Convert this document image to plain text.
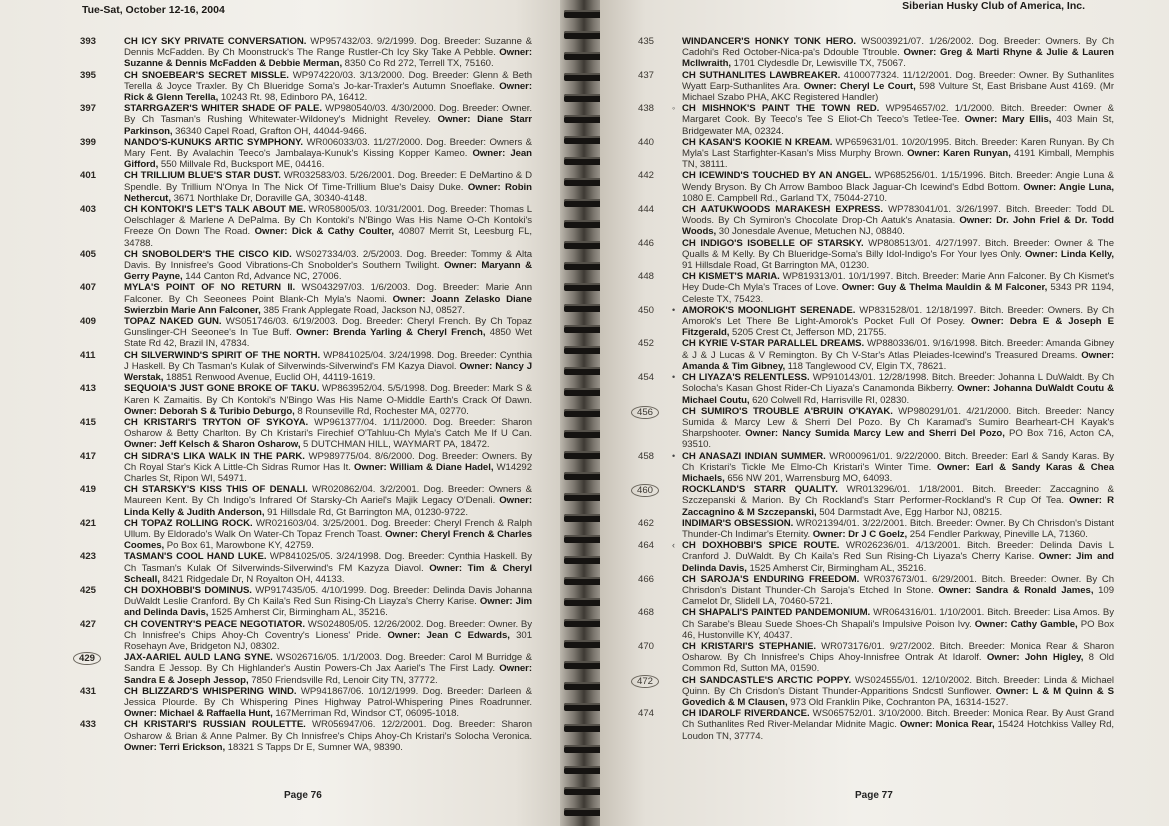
Tue-Sat, October 12-16, 2004
393	CH ICY SKY PRIVATE CONVERSATION. WP957432/03. 9/2/1999. Dog. Breeder: Suzanne & Dennis McFadden. By Ch Moonstruck's The Range Rustler-Ch Icy Sky Take A Pebble. Owner: Suzanne & Dennis McFadden & Debbie Merman, 8350 Co Rd 272, Terrell TX, 75160.
395	CH SNOEBEAR'S SECRET MISSLE. WP974220/03. 3/13/2000. Dog. Breeder: Glenn & Beth Terella & Joyce Traxler. By Ch Blueridge Soma's Jo-kar-Traxler's Autumn Snoeflake. Owner: Rick & Glenn Terella, 10243 Rt. 98, Edinboro PA, 16412.
397	STARRGAZER'S WHITER SHADE OF PALE. WP980540/03. 4/30/2000. Dog. Breeder: Owner. By Ch Tasman's Rushing Whitewater-Wildoney's Midnight Reveley. Owner: Diane Starr Parkinson, 36340 Capel Road, Grafton OH, 44044-9466.
399	NANDO'S-KUNUKS ARTIC SYMPHONY. WR006033/03. 11/27/2000. Dog. Breeder: Owners & Mary Fent. By Avalachin Teeco's Jambalaya-Kunuk's Kissing Kopper Kameo. Owner: Jean Gifford, 550 Millvale Rd, Bucksport ME, 04416.
401	CH TRILLIUM BLUE'S STAR DUST. WR032583/03. 5/26/2001. Dog. Breeder: E DeMartino & D Spendle. By Trillium N'Onya In The Nick Of Time-Trillium Blue's Daisy Duke. Owner: Robin Nethercut, 3671 Northlake Dr, Doraville GA, 30340-4148.
403	CH KONTOKI'S LET'S TALK ABOUT ME. WR058005/03. 10/31/2001. Dog. Breeder: Thomas L Oelschlager & Marlene A DePalma. By Ch Kontoki's N'Bingo Was His Name O-Ch Kontoki's Freeze On Down The Road. Owner: Dick & Cathy Coulter, 40807 Merrit St, Leesburg FL, 34788.
405	CH SNOBOLDER'S THE CISCO KID. WS027334/03. 2/5/2003. Dog. Breeder: Tommy & Alta Davis. By Innisfree's Good Vibrations-Ch Snobolder's Southern Twilight. Owner: Maryann & Gerry Payne, 144 Canton Rd, Advance NC, 27006.
407	MYLA'S POINT OF NO RETURN II. WS043297/03. 1/6/2003. Dog. Breeder: Marie Ann Falconer. By Ch Seeonees Point Blank-Ch Myla's Naomi. Owner: Joann Zelasko Diane Swierzbin Marie Ann Falconer, 385 Frank Applegate Road, Jackson NJ, 08527.
409	TOPAZ NAKED GUN. WS051746/03. 6/19/2003. Dog. Breeder: Cheryl French. By Ch Topaz Gunslinger-CH Seeonee's In Tue Buff. Owner: Brenda Yarling & Cheryl French, 4850 Wet State Rd 42, Brazil IN, 47834.
411	CH SILVERWIND'S SPIRIT OF THE NORTH. WP841025/04. 3/24/1998. Dog. Breeder: Cynthia J Haskell. By Ch Tasman's Kulak of Silverwinds-Silverwind's FM Kazya Diavol. Owner: Nancy J Werstak, 18851 Renwood Avenue, Euclid OH, 44119-1619.
413	SEQUOIA'S JUST GONE BROKE OF TAKU. WP863952/04. 5/5/1998. Dog. Breeder: Mark S & Karen K Zamaitis. By Ch Kontoki's N'Bingo Was His Name O-Middle Earth's Crack Of Dawn. Owner: Deborah S & Turibio Deburgo, 8 Rounseville Rd, Rochester MA, 02770.
415	CH KRISTARI'S TRYTON OF SYKOYA. WP961377/04. 1/11/2000. Dog. Breeder: Sharon Osharow & Betty Charlton. By Ch Kristari's Firechief O'Tahluu-Ch Myla's Catch Me If U Can. Owner: Jeff Kelsch & Sharon Osharow, 5 DUTCHMAN HILL, WAYMART PA, 18472.
417	CH SIDRA'S LIKA WALK IN THE PARK. WP989775/04. 8/6/2000. Dog. Breeder: Owners. By Ch Royal Star's Kick A Little-Ch Sidras Rumor Has It. Owner: William & Diane Hadel, W14292 Charles St, Ripon WI, 54971.
419	CH STARSKY'S KISS THIS OF DENALI. WR020862/04. 3/2/2001. Dog. Breeder: Owners & Maureen Kent. By Ch Indigo's Infrared Of Starsky-Ch Aariel's Majik Legacy O'Denali. Owner: Linda Kelly & Judith Anderson, 91 Hillsdale Rd, Gt Barrington MA, 01230-9722.
421	CH TOPAZ ROLLING ROCK. WR021603/04. 3/25/2001. Dog. Breeder: Cheryl French & Ralph Ullum. By Eldorado's Walk On Water-Ch Topaz French Toast. Owner: Cheryl French & Charles Coomes, Po Box 61, Marowbone KY, 42759.
423	TASMAN'S COOL HAND LUKE. WP841025/05. 3/24/1998. Dog. Breeder: Cynthia Haskell. By Ch Tasman's Kulak Of Silverwinds-Silverwind's FM Kazyza Diavol. Owner: Tim & Cheryl Scheall, 8421 Ridgedale Dr, N Royalton OH, 44133.
425	CH DOXHOBBI'S DOMINUS. WP917435/05. 4/10/1999. Dog. Breeder: Delinda Davis Johanna DuWaldt Leslie Cranford. By Ch Kaila's Red Sun Rising-Ch Liayza's Cherry Karise. Owner: Jim and Delinda Davis, 1525 Amherst Cir, Birmingham AL, 35216.
427	CH COVENTRY'S PEACE NEGOTIATOR. WS024805/05. 12/26/2002. Dog. Breeder: Owner. By Ch Innisfree's Chips Ahoy-Ch Coventry's Lioness' Pride. Owner: Jean C Edwards, 301 Rosehayn Ave, Bridgeton NJ, 08302.
429	JAX-AARIEL AULD LANG SYNE. WS026716/05. 1/1/2003. Dog. Breeder: Carol M Burridge & Sandra E Jessop. By Ch Highlander's Austin Powers-Ch Jax Aariel's The First Lady. Owner: Sandra E & Joseph Jessop, 7850 Friendsville Rd, Lenoir City TN, 37772.
431	CH BLIZZARD'S WHISPERING WIND. WP941867/06. 10/12/1999. Dog. Breeder: Darleen & Jessica Plourde. By Ch Whispering Pines Highway Patrol-Whispering Pines Roadrunner. Owner: Michael & Raffaella Hunt, 167Merriman Rd, Windsor CT, 06095-1018.
433	CH KRISTARI'S RUSSIAN ROULETTE. WR056947/06. 12/2/2001. Dog. Breeder: Sharon Osharow & Brian & Anne Palmer. By Ch Innisfree's Chips Ahoy-Ch Kristari's Solocha Veronica. Owner: Terri Erickson, 18321 S Tapps Dr E, Sumner WA, 98390.
Page 76
Siberian Husky Club of America, Inc.
435	WINDANCER'S HONKY TONK HERO. WS003921/07. 1/26/2002. Dog. Breeder: Owners. By Ch Cadohi's Red October-Nica-pa's Ddouble Ttrouble. Owner: Greg & Marti Rhyne & Julie & Lauren Mcllwraith, 1701 Clydesdle Dr, Lewisville TX, 75067.
437	CH SUTHANLITES LAWBREAKER. 4100077324. 11/12/2001. Dog. Breeder: Owner. By Suthanlites Wyatt Earp-Suthanlites Ara. Owner: Cheryl Le Court, 598 Vulture St, East Brisbane Aust 4169. (Mr Michael Szabo PHA, AKC Registered Handler)
438	◦ CH MISHNOK'S PAINT THE TOWN RED. WP954657/02. 1/1/2000. Bitch. Breeder: Owner & Margaret Cook. By Teeco's Tee S Eliot-Ch Teeco's Tetlee-Tee. Owner: Mary Ellis, 403 Main St, Bridgewater MA, 02324.
440	CH KASAN'S KOOKIE N KREAM. WP659631/01. 10/20/1995. Bitch. Breeder: Karen Runyan. By Ch Myla's Last Starfighter-Kasan's Miss Murphy Brown. Owner: Karen Runyan, 4191 Kimball, Memphis TN, 38111.
442	CH ICEWIND'S TOUCHED BY AN ANGEL. WP685256/01. 1/15/1996. Bitch. Breeder: Angie Luna & Wendy Bryson. By Ch Arrow Bamboo Black Jaguar-Ch Icewind's Edbd Bottom. Owner: Angie Luna, 1080 E. Campbell Rd., Garland TX, 75044-2710.
444	CH AATUKWOODS MARAKESH EXPRESS. WP783041/01. 3/26/1997. Bitch. Breeder: Todd DL Woods. By Ch Symiron's Chocolate Drop-Ch Aatuk's Anatasia. Owner: Dr. John Friel & Dr. Todd Woods, 30 Jonesdale Avenue, Metuchen NJ, 08840.
446	CH INDIGO'S ISOBELLE OF STARSKY. WP808513/01. 4/27/1997. Bitch. Breeder: Owner & The Qualls & M Kelly. By Ch Blueridge-Soma's Billy Idol-Indigo's For Your Iyes Only. Owner: Linda Kelly, 91 Hillsdale Road, Gt Barrington MA, 01230.
448	CH KISMET'S MARIA. WP819313/01. 10/1/1997. Bitch. Breeder: Marie Ann Falconer. By Ch Kismet's Hey Dude-Ch Myla's Traces of Love. Owner: Guy & Thelma Mauldin & M Falconer, 5343 PR 1194, Celeste TX, 75423.
450	• AMOROK'S MOONLIGHT SERENADE. WP831528/01. 12/18/1997. Bitch. Breeder: Owners. By Ch Amorok's Let There Be Light-Amorok's Pocket Full Of Posey. Owner: Debra E & Joseph E Fitzgerald, 5205 Crest Ct, Jefferson MD, 21755.
452	CH KYRIE V-STAR PARALLEL DREAMS. WP880336/01. 9/16/1998. Bitch. Breeder: Amanda Gibney & J & J Lucas & V Remington. By Ch V-Star's Atlas Pleiades-Icewind's Treasured Dreams. Owner: Amanda & Tim Gibney, 118 Tanglewood CV, Elgin TX, 78621.
454	• CH LIYAZA'S RELENTLESS. WP910143/01. 12/28/1998. Bitch. Breeder: Johanna L DuWaldt. By Ch Solocha's Kasan Ghost Rider-Ch Liyaza's Canamonda Bikberry. Owner: Johanna DuWaldt Coutu & Michael Coutu, 620 Colwell Rd, Harrisville RI, 02830.
456	CH SUMIRO'S TROUBLE A'BRUIN O'KAYAK. WP980291/01. 4/21/2000. Bitch. Breeder: Nancy Sumida & Marcy Lew & Sherri Del Pozo. By Ch Karamad's Sumiro Bearheart-CH Kayak's Sharpshooter. Owner: Nancy Sumida Marcy Lew and Sherri Del Pozo, PO Box 716, Acton CA, 93510.
458	• CH ANASAZI INDIAN SUMMER. WR000961/01. 9/22/2000. Bitch. Breeder: Earl & Sandy Karas. By Ch Kristari's Tickle Me Elmo-Ch Kristari's Winter Time. Owner: Earl & Sandy Karas & Chea Michaels, 656 NW 201, Warrensburg MO, 64093.
460	ROCKLAND'S STARR QUALITY. WR013296/01. 1/18/2001. Bitch. Breeder: Zaccagnino & Szczepanski & Marion. By Ch Rockland's Starr Performer-Rockland's R Cup Of Tea. Owner: R Zaccagnino & M Szczepanski, 504 Darmstadt Ave, Egg Harbor NJ, 08215.
462	INDIMAR'S OBSESSION. WR021394/01. 3/22/2001. Bitch. Breeder: Owner. By Ch Chrisdon's Distant Thunder-Ch Indimar's Eternity. Owner: Dr J C Goelz, 254 Fendler Parkway, Pineville LA, 71360.
464	‹ CH DOXHOBBI'S SPICE ROUTE. WR026236/01. 4/13/2001. Bitch. Breeder: Delinda Davis L Cranford J. DuWaldt. By Ch Kaila's Red Sun Rising-Ch Liyaza's Cherry Karise. Owner: Jim and Delinda Davis, 1525 Amherst Cir, Birmingham AL, 35216.
466	CH SAROJA'S ENDURING FREEDOM. WR037673/01. 6/29/2001. Bitch. Breeder: Owner. By Ch Chrisdon's Distant Thunder-Ch Saroja's Etched In Stone. Owner: Sandra & Ronald James, 109 Camelot Dr, Slidell LA, 70460-5721.
468	CH SHAPALI'S PAINTED PANDEMONIUM. WR064316/01. 1/10/2001. Bitch. Breeder: Lisa Amos. By Ch Sarabe's Bleau Suede Shoes-Ch Shapali's Impulsive Poison Ivy. Owner: Cathy Gamble, PO Box 46, Hustonville KY, 40437.
470	CH KRISTARI'S STEPHANIE. WR073176/01. 9/27/2002. Bitch. Breeder: Monica Rear & Sharon Osharow. By Ch Innisfree's Chips Ahoy-Innisfree Ontrak At Idarolf. Owner: John Higley, 8 Old Common Rd, Sutton MA, 01590.
472	CH SANDCASTLE'S ARCTIC POPPY. WS024555/01. 12/10/2002. Bitch. Breeder: Linda & Michael Quinn. By Ch Crisdon's Distant Thunder-Apparitions Sndcstl Sunflower. Owner: L & M Quinn & S Govedich & M Clausen, 973 Old Franklin Pike, Cochranton PA, 16314-1527.
474	CH IDAROLF RIVERDANCE. WS065752/01. 3/10/2000. Bitch. Breeder: Monica Rear. By Aust Grand Ch Suthanlites Red River-Melandar Midnite Magic. Owner: Monica Rear, 15424 Hotchkiss Valley Rd, Loudon TN, 37774.
Page 77
